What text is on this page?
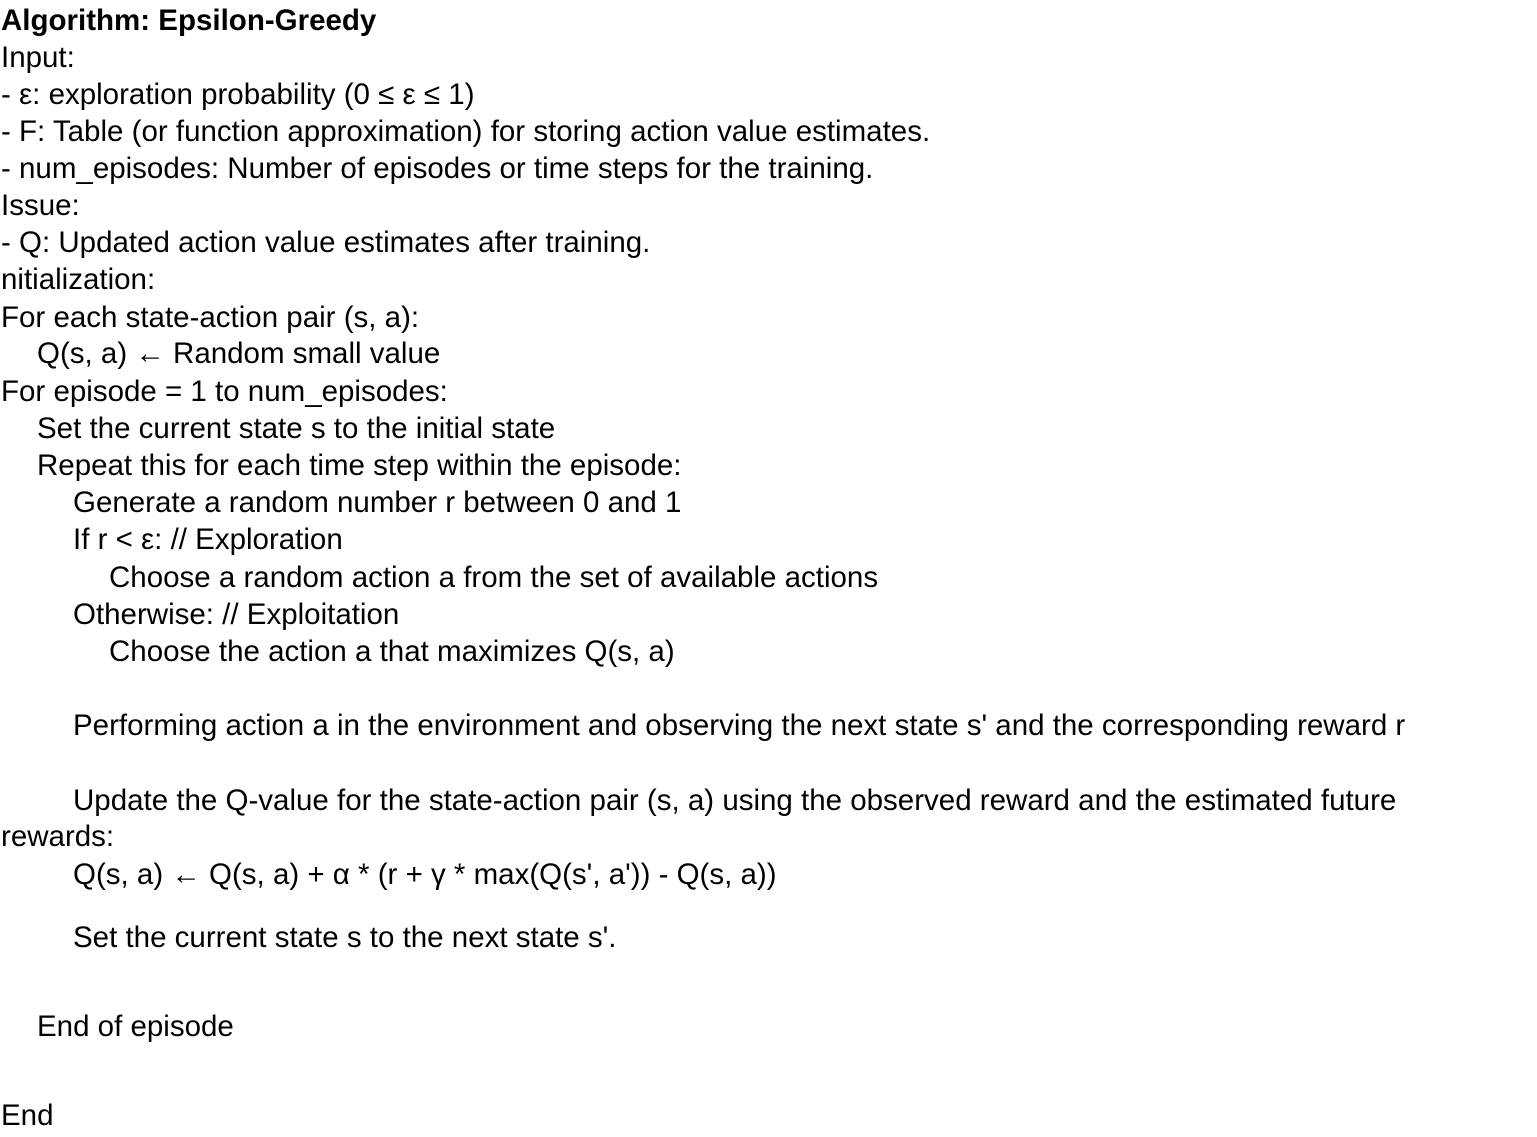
Algorithm: Epsilon-Greedy
Input:
- ε: exploration probability (0 ≤ ε ≤ 1)
- F: Table (or function approximation) for storing action value estimates.
- num_episodes: Number of episodes or time steps for the training.
Issue:
- Q: Updated action value estimates after training.
nitialization:
For each state-action pair (s, a):
Q(s, a) ← Random small value
For episode = 1 to num_episodes:
Set the current state s to the initial state
Repeat this for each time step within the episode:
Generate a random number r between 0 and 1
If r < ε: // Exploration
Choose a random action a from the set of available actions
Otherwise: // Exploitation
Choose the action a that maximizes Q(s, a)
Performing action a in the environment and observing the next state s' and the corresponding reward r
Update the Q-value for the state-action pair (s, a) using the observed reward and the estimated future
rewards:
Q(s, a) ← Q(s, a) + α * (r + γ * max(Q(s', a')) - Q(s, a))
Set the current state s to the next state s'.
End of episode
End
